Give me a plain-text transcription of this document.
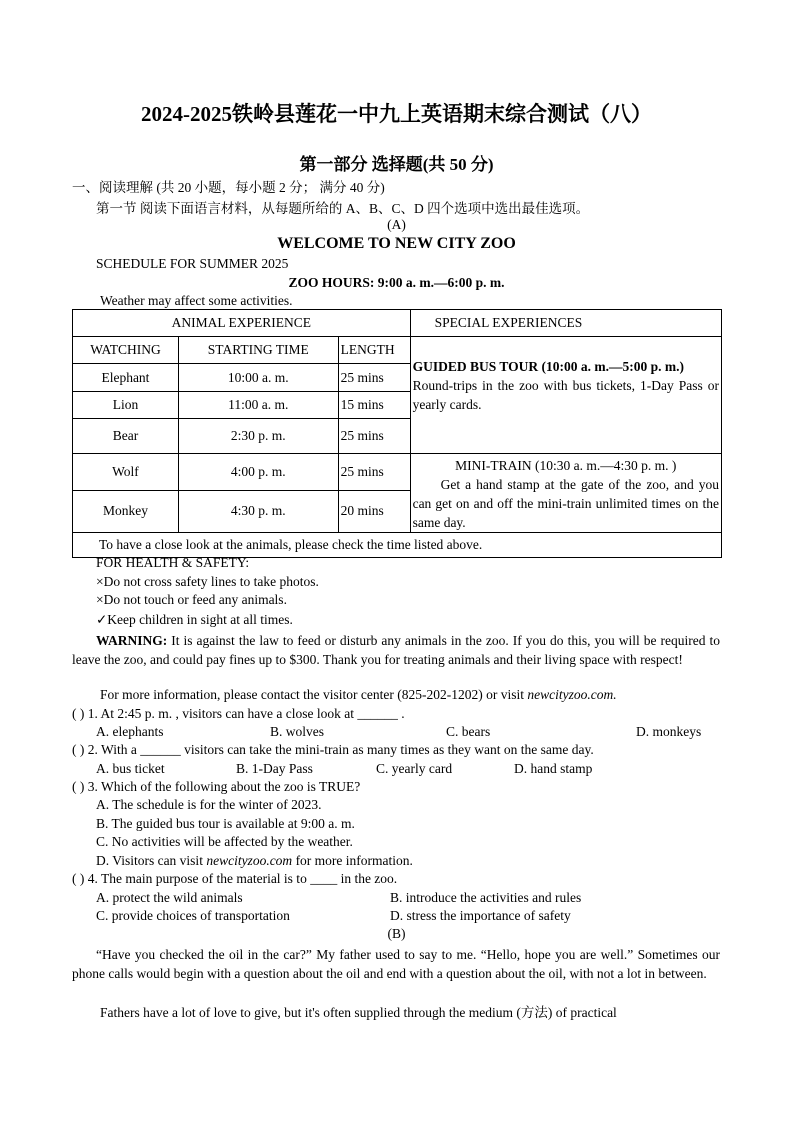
2024-2025铁岭县莲花一中九上英语期末综合测试（八）
第一部分 选择题(共 50 分)
一、阅读理解 (共 20 小题，每小题 2 分； 满分 40 分)
第一节 阅读下面语言材料，从每题所给的 A、B、C、D 四个选项中选出最佳选项。
(A)
WELCOME TO NEW CITY ZOO
SCHEDULE FOR SUMMER 2025
ZOO HOURS: 9:00 a. m.—6:00 p. m.
Weather may affect some activities.
ANIMAL EXPERIENCE			SPECIAL EXPERIENCES
WATCHING	STARTING TIME	LENGTH	GUIDED BUS TOUR (10:00 a. m.—5:00 p. m.)
Round-trips in the zoo with bus tickets, 1-Day Pass or yearly cards.

Elephant	10:00 a. m.	25 mins	
Lion	11:00 a. m.	15 mins	
Bear	2:30 p. m.	25 mins	
Wolf	4:00 p. m.	25 mins	MINI-TRAIN (10:30 a. m.—4:30 p. m. )
Get a hand stamp at the gate of the zoo, and you can get on and off the mini-train unlimited times on the same day.

Monkey	4:30 p. m.	20 mins	
To have a close look at the animals, please check the time listed above.			
FOR HEALTH & SAFETY:
×Do not cross safety lines to take photos.
×Do not touch or feed any animals.
✓Keep children in sight at all times.
WARNING: It is against the law to feed or disturb any animals in the zoo. If you do this, you will be required to leave the zoo, and could pay fines up to $300. Thank you for treating animals and their living space with respect!
For more information, please contact the visitor center (825-202-1202) or visit newcityzoo.com.
( ) 1. At 2:45 p. m. , visitors can have a close look at ______ .
A. elephants	B. wolves	C. bears	D. monkeys
( ) 2. With a ______ visitors can take the mini-train as many times as they want on the same day.
A. bus ticket	B. 1-Day Pass	C. yearly card	D. hand stamp
( ) 3. Which of the following about the zoo is TRUE?
A. The schedule is for the winter of 2023.
B. The guided bus tour is available at 9:00 a. m.
C. No activities will be affected by the weather.
D. Visitors can visit newcityzoo.com for more information.
( ) 4. The main purpose of the material is to ____ in the zoo.
A. protect the wild animals	B. introduce the activities and rules
C. provide choices of transportation	D. stress the importance of safety
(B)
“Have you checked the oil in the car?” My father used to say to me. “Hello, hope you are well.” Sometimes our phone calls would begin with a question about the oil and end with a question about the oil, with not a lot in between.
Fathers have a lot of love to give, but it's often supplied through the medium (方法) of practical
